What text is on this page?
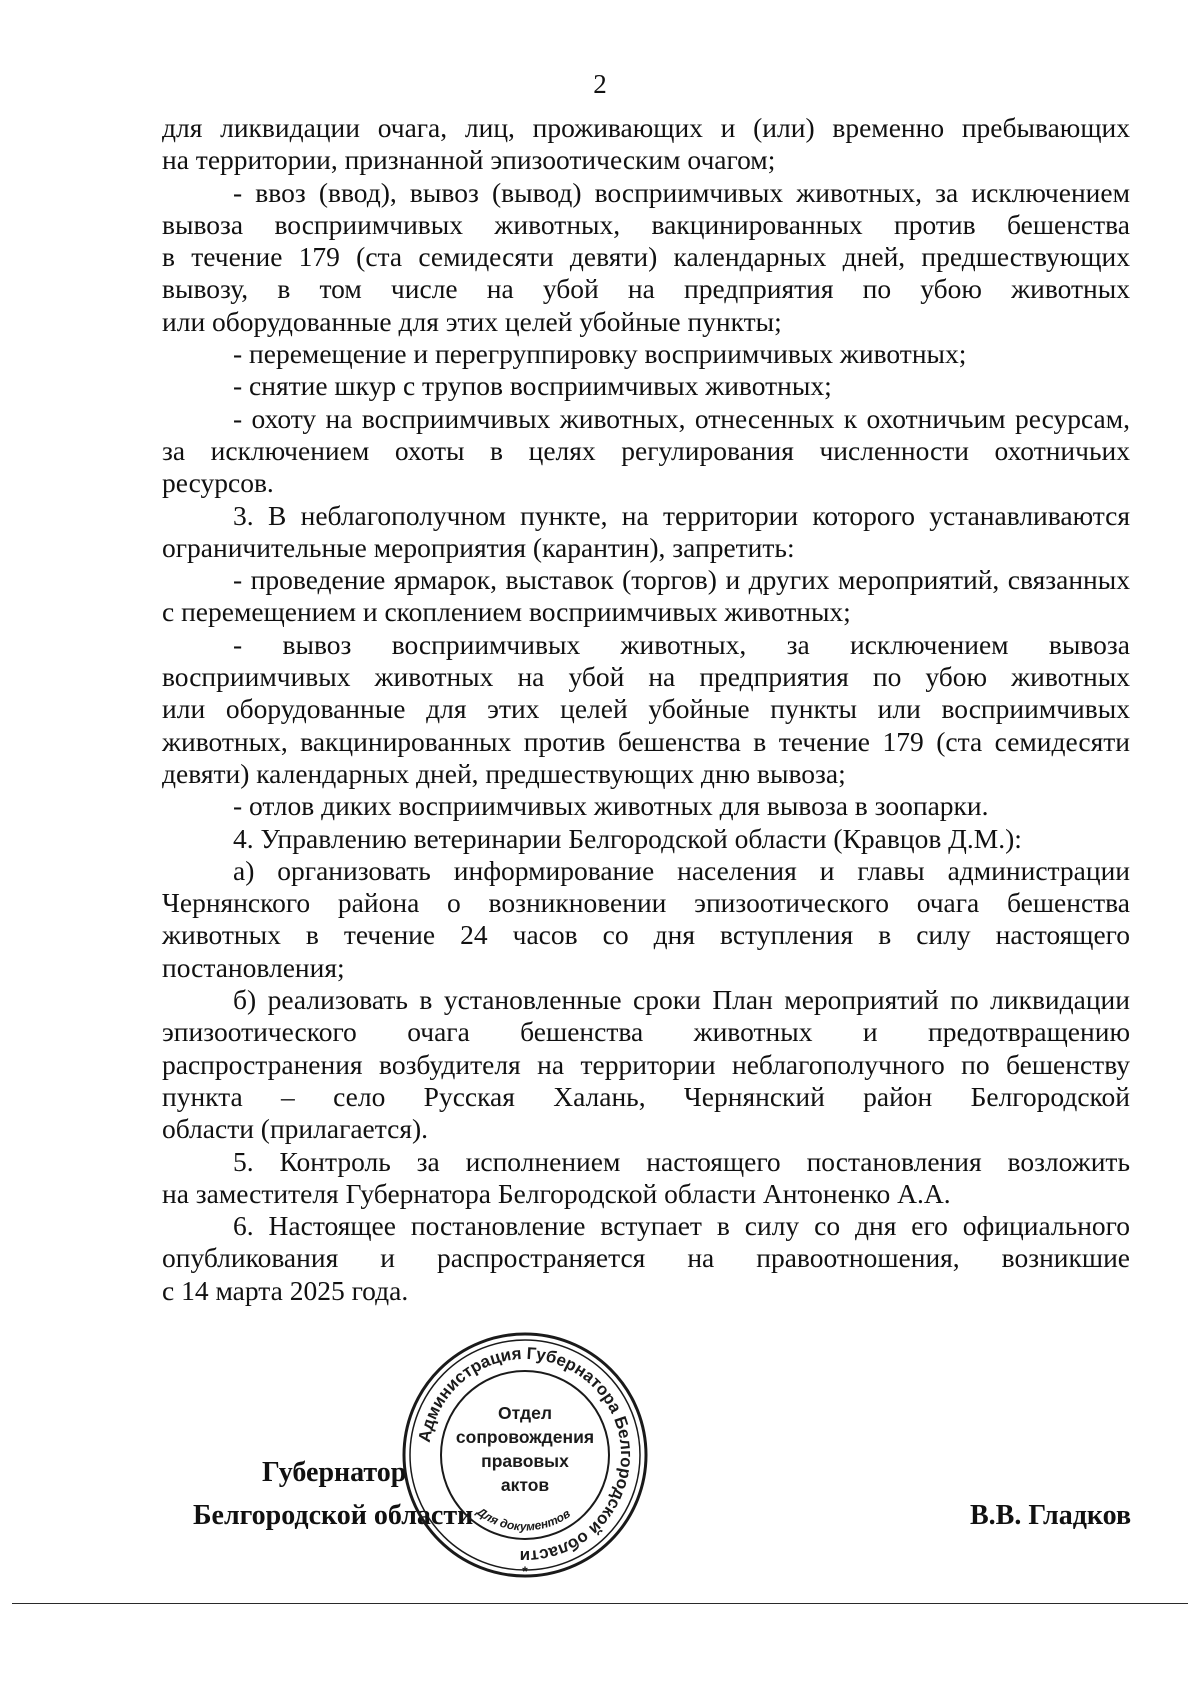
2
для ликвидации очага, лиц, проживающих и (или) временно пребывающих
на территории, признанной эпизоотическим очагом;
- ввоз (ввод), вывоз (вывод) восприимчивых животных, за исключением
вывоза восприимчивых животных, вакцинированных против бешенства
в течение 179 (ста семидесяти девяти) календарных дней, предшествующих
вывозу, в том числе на убой на предприятия по убою животных
или оборудованные для этих целей убойные пункты;
- перемещение и перегруппировку восприимчивых животных;
- снятие шкур с трупов восприимчивых животных;
- охоту на восприимчивых животных, отнесенных к охотничьим ресурсам,
за исключением охоты в целях регулирования численности охотничьих
ресурсов.
3. В неблагополучном пункте, на территории которого устанавливаются
ограничительные мероприятия (карантин), запретить:
- проведение ярмарок, выставок (торгов) и других мероприятий, связанных
с перемещением и скоплением восприимчивых животных;
- вывоз восприимчивых животных, за исключением вывоза
восприимчивых животных на убой на предприятия по убою животных
или оборудованные для этих целей убойные пункты или восприимчивых
животных, вакцинированных против бешенства в течение 179 (ста семидесяти
девяти) календарных дней, предшествующих дню вывоза;
- отлов диких восприимчивых животных для вывоза в зоопарки.
4. Управлению ветеринарии Белгородской области (Кравцов Д.М.):
а) организовать информирование населения и главы администрации
Чернянского района о возникновении эпизоотического очага бешенства
животных в течение 24 часов со дня вступления в силу настоящего
постановления;
б) реализовать в установленные сроки План мероприятий по ликвидации
эпизоотического очага бешенства животных и предотвращению
распространения возбудителя на территории неблагополучного по бешенству
пункта – село Русская Халань, Чернянский район Белгородской
области (прилагается).
5. Контроль за исполнением настоящего постановления возложить
на заместителя Губернатора Белгородской области Антоненко А.А.
6. Настоящее постановление вступает в силу со дня его официального
опубликования и распространяется на правоотношения, возникшие
с 14 марта 2025 года.
Губернатор
Белгородской области	В.В. Гладков
Администрация Губернатора Белгородской области
Для документов
*
Отдел
сопровождения
правовых
актов
